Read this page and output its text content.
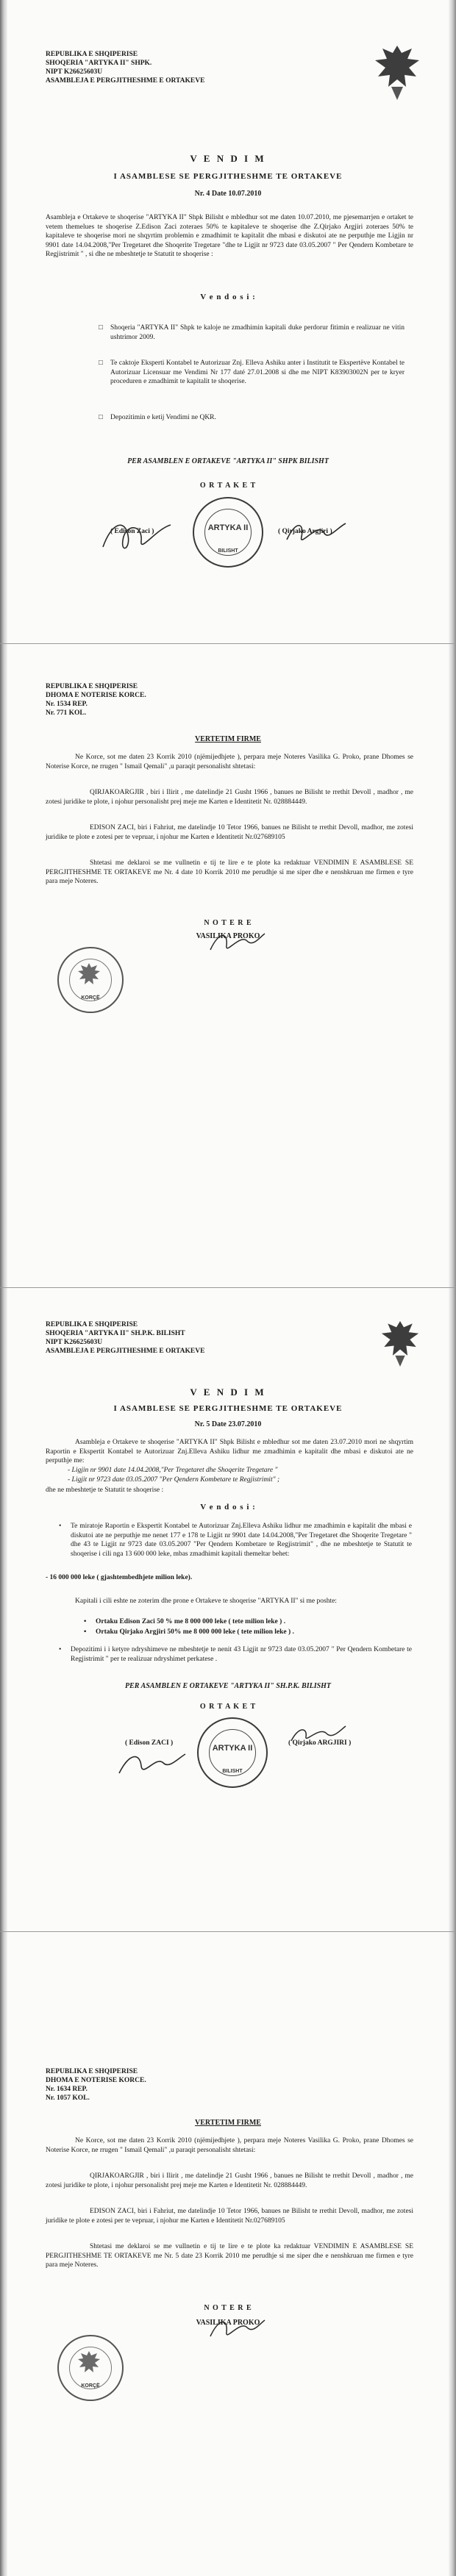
REPUBLIKA E SHQIPERISE
SHOQERIA "ARTYKA II" SHPK.
NIPT K26625603U
ASAMBLEJA E PERGJITHESHME E ORTAKEVE
V E N D I M
I ASAMBLESE SE PERGJITHESHME TE ORTAKEVE
Nr. 4 Date 10.07.2010
Asambleja e Ortakeve te shoqerise "ARTYKA II" Shpk Bilisht e mbledhur sot me daten 10.07.2010, me pjesemarrjen e ortaket te vetem themelues te shoqerise Z.Edison Zaci zoteraes 50% te kapitaleve te shoqerise dhe Z.Qirjako Argjiri zoteraes 50% te kapitaleve te shoqerise mori ne shqyrtim problemin e zmadhimit te kapitalit dhe mbasi e diskutoi ate ne perputhje me Ligjin nr 9901 date 14.04.2008,"Per Tregetaret dhe Shoqerite Tregetare "dhe te Ligjit nr 9723 date 03.05.2007 " Per Qendern Kombetare te Regjistrimit " , si dhe ne mbeshtetje te Statutit te shoqerise :
V e n d o s i :
□ Shoqeria "ARTYKA II" Shpk te kaloje ne zmadhimin kapitali duke perdorur fitimin e realizuar ne vitin ushtrimor 2009.
□ Te caktoje Eksperti Kontabel te Autorizuar Znj. Ellevа Ashiku anter i Institutit te Ekspertëve Kontabel te Autorizuar Licensuar me Vendimi Nr 177 daté 27.01.2008 si dhe me NIPT K83903002N per te kryer proceduren e zmadhimit te kapitalit te shoqerise.
□ Depozitimin e ketij Vendimi ne QKR.
PER ASAMBLEN E ORTAKEVE "ARTYKA II" SHPK BILISHT
O R T A K E T
( Edison Zaci )	( Qirjako Argjiri )
ARTYKA II
BILISHT
REPUBLIKA E SHQIPERISE
DHOMA E NOTERISE KORCE.
Nr. 1534 REP.
Nr. 771 KOL.
VERTETIM FIRME
Ne Korce, sot me daten 23 Korrik 2010 (njëmijedhjete ), perpara meje Noteres Vasilika G. Proko, prane Dhomes se Noterise Korce, ne rrugen " Ismail Qemali" ,u paraqit personalisht shtetasi:
QIRJAKOARGJIR , biri i Ilirit , me datelindje 21 Gusht 1966 , banues ne Bilisht te rrethit Devoll , madhor , me zotesi juridike te plote, i njohur personalisht prej meje me Karten e Identitetit Nr. 028884449.
EDISON ZACI, biri i Fahriut, me datelindje 10 Tetor 1966, banues ne Bilisht te rrethit Devoll, madhor, me zotesi juridike te plote e zotesi per te vepruar, i njohur me Karten e Identitetit Nr.027689105
Shtetasi me deklaroi se me vullnetin e tij te lire e te plote ka redaktuar VENDIMIN E ASAMBLESE SE PERGJITHESHME TE ORTAKEVE me Nr. 4 date 10 Korrik 2010 me perudhje si me siper dhe e nenshkruan me firmen e tyre para meje Noteres.
N O T E R E
VASILIKA PROKO
KORÇË
REPUBLIKA E SHQIPERISE
SHOQERIA "ARTYKA II" SH.P.K. BILISHT
NIPT K26625603U
ASAMBLEJA E PERGJITHESHME E ORTAKEVE
V E N D I M
I ASAMBLESE SE PERGJITHESHME TE ORTAKEVE
Nr. 5 Date 23.07.2010
Asambleja e Ortakeve te shoqerise "ARTYKA II" Shpk Bilisht e mbledhur sot me daten 23.07.2010 mori ne shqyrtim Raportin e Ekspertit Kontabel te Autorizuar Znj.Elleva Ashiku lidhur me zmadhimin e kapitalit dhe mbasi e diskutoi ate ne perputhje me:
- Ligjin nr 9901 date 14.04.2008,"Per Tregetaret dhe Shoqerite Tregetare "
- Ligjit nr 9723 date 03.05.2007 "Per Qendern Kombetare te Regjistrimit" ;
dhe ne mbeshtetje te Statutit te shoqerise :
V e n d o s i :
• Te miratoje Raportin e Ekspertit Kontabel te Autorizuar Znj.Elleva Ashiku lidhur me zmadhimin e kapitalit dhe mbasi e diskutoi ate ne perputhje me nenet 177 e 178 te Ligjit nr 9901 date 14.04.2008,"Per Tregetaret dhe Shoqerite Tregetare " dhe 43 te Ligjit nr 9723 date 03.05.2007 "Per Qendern Kombetare te Regjistrimit" , dhe ne mbeshtetje te Statutit te shoqerise i cili nga 13 600 000 leke, mbas zmadhimit kapitali themeltar behet:
- 16 000 000 leke ( gjashtembedhjete milion leke).
Kapitali i cili eshte ne zoterim dhe pronе e Ortakeve te shoqerise "ARTYKA II" si me poshte:
• Ortaku Edison Zaci 50 % me 8 000 000 leke ( tete milion leke ) .
• Ortaku Qirjako Argjiri 50% me 8 000 000 leke ( tete milion leke ) .
• Depozitimi i i ketyre ndryshimeve ne mbeshtetje te nenit 43 Ligjit nr 9723 date 03.05.2007 " Per Qendern Kombetare te Regjistrimit " per te realizuar ndryshimet perkatese .
PER ASAMBLEN E ORTAKEVE "ARTYKA II" SH.P.K. BILISHT
O R T A K E T
( Edison ZACI )	( Qirjako ARGJIRI )
ARTYKA II
BILISHT
REPUBLIKA E SHQIPERISE
DHOMA E NOTERISE KORCE.
Nr. 1634 REP.
Nr. 1057 KOL.
VERTETIM FIRME
Ne Korce, sot me daten 23 Korrik 2010 (njëmijedhjete ), perpara meje Noteres Vasilika G. Proko, prane Dhomes se Noterise Korce, ne rrugen " Ismail Qemali" ,u paraqit personalisht shtetasi:
QIRJAKOARGJIR , biri i Ilirit , me datelindje 21 Gusht 1966 , banues ne Bilisht te rrethit Devoll , madhor , me zotesi juridike te plote, i njohur personalisht prej meje me Karten e Identitetit Nr. 028884449.
EDISON ZACI, biri i Fahriut, me datelindje 10 Tetor 1966, banues ne Bilisht te rrethit Devoll, madhor, me zotesi juridike te plote e zotesi per te vepruar, i njohur me Karten e Identitetit Nr.027689105
Shtetasi me deklaroi se me vullnetin e tij te lire e te plote ka redaktuar VENDIMIN E ASAMBLESE SE PERGJITHESHME TE ORTAKEVE me Nr. 5 date 23 Korrik 2010 me perudhje si me siper dhe e nenshkruan me firmen e tyre para meje Noteres.
N O T E R E
VASILIKA PROKO
KORÇË
